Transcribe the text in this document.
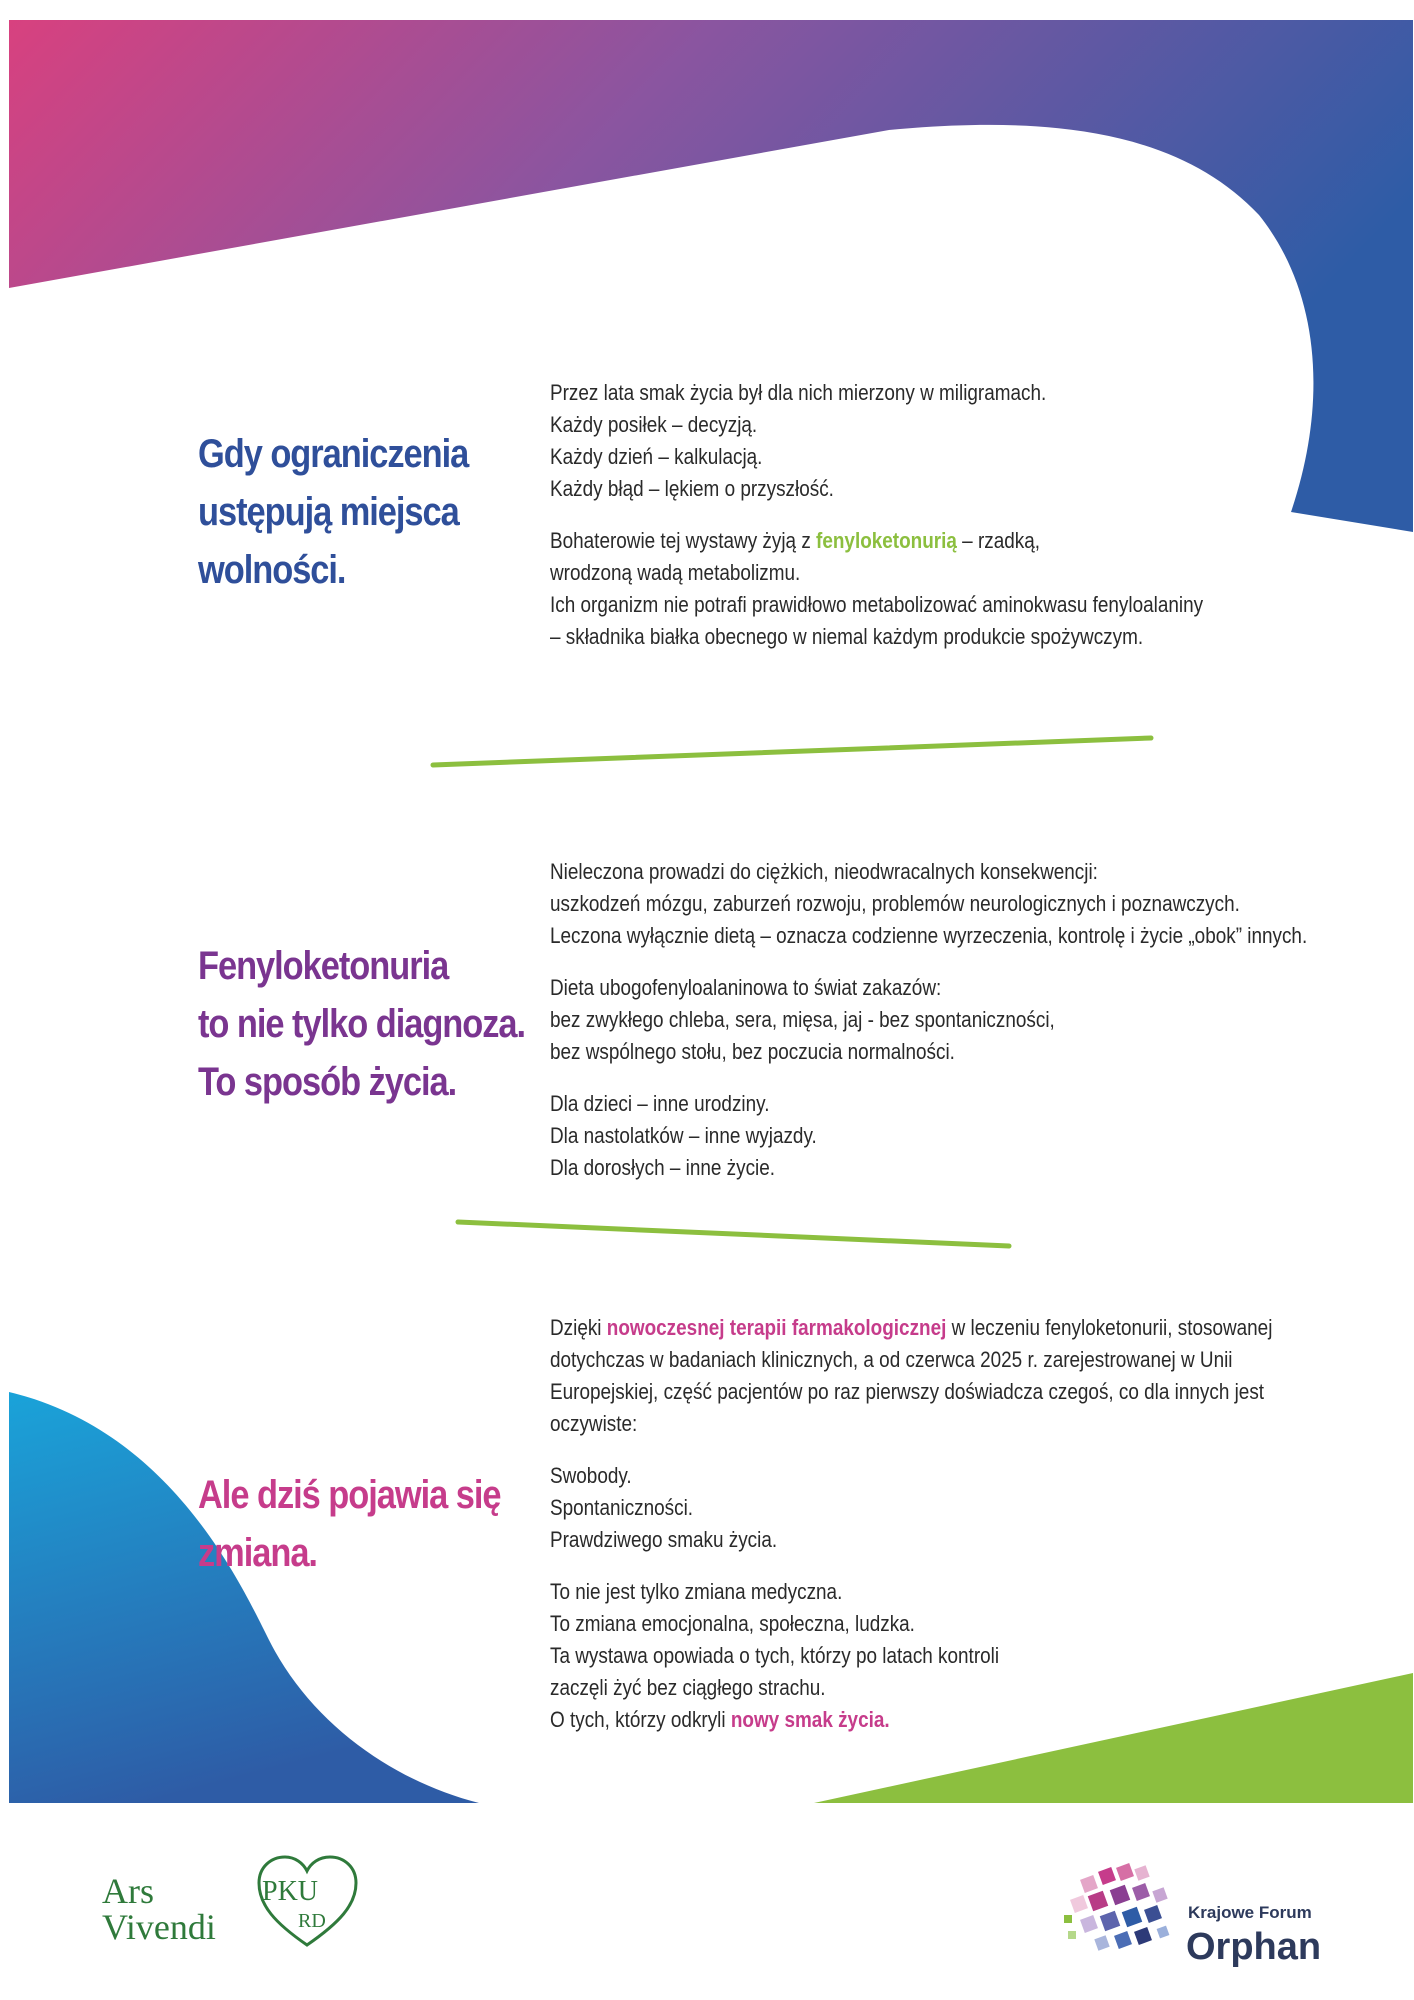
Gdy ograniczenia
ustępują miejsca
wolności.

Przez lata smak życia był dla nich mierzony w miligramach.
Każdy posiłek – decyzją.
Każdy dzień – kalkulacją.
Każdy błąd – lękiem o przyszłość.

Bohaterowie tej wystawy żyją z fenyloketonurią – rzadką,
wrodzoną wadą metabolizmu.
Ich organizm nie potrafi prawidłowo metabolizować aminokwasu fenyloalaniny
– składnika białka obecnego w niemal każdym produkcie spożywczym.

Fenyloketonuria
to nie tylko diagnoza.
To sposób życia.

Nieleczona prowadzi do ciężkich, nieodwracalnych konsekwencji:
uszkodzeń mózgu, zaburzeń rozwoju, problemów neurologicznych i poznawczych.
Leczona wyłącznie dietą – oznacza codzienne wyrzeczenia, kontrolę i życie „obok” innych.

Dieta ubogofenyloalaninowa to świat zakazów:
bez zwykłego chleba, sera, mięsa, jaj - bez spontaniczności,
bez wspólnego stołu, bez poczucia normalności.

Dla dzieci – inne urodziny.
Dla nastolatków – inne wyjazdy.
Dla dorosłych – inne życie.

Ale dziś pojawia się
zmiana.

Dzięki nowoczesnej terapii farmakologicznej w leczeniu fenyloketonurii, stosowanej
dotychczas w badaniach klinicznych, a od czerwca 2025 r. zarejestrowanej w Unii
Europejskiej, część pacjentów po raz pierwszy doświadcza czegoś, co dla innych jest
oczywiste:

Swobody.
Spontaniczności.
Prawdziwego smaku życia.

To nie jest tylko zmiana medyczna.
To zmiana emocjonalna, społeczna, ludzka.
Ta wystawa opowiada o tych, którzy po latach kontroli
zaczęli żyć bez ciągłego strachu.
O tych, którzy odkryli nowy smak życia.

Ars
Vivendi
PKU
RD	Krajowe Forum
Orphan
